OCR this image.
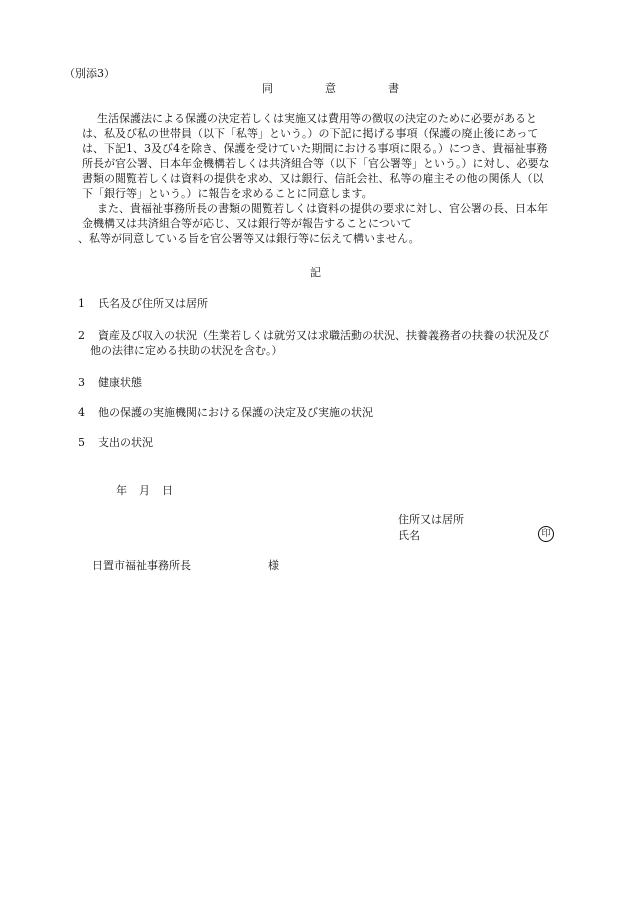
（別添3）
同	意	書
　生活保護法による保護の決定若しくは実施又は費用等の徴収の決定のために必要があると
は、私及び私の世帯員（以下「私等」という。）の下記に掲げる事項（保護の廃止後にあって
は、下記1、3及び4を除き、保護を受けていた期間における事項に限る。）につき、貴福祉事務
所長が官公署、日本年金機構若しくは共済組合等（以下「官公署等」という。）に対し、必要な
書類の閲覧若しくは資料の提供を求め、又は銀行、信託会社、私等の雇主その他の関係人（以
下「銀行等」という。）に報告を求めることに同意します。
　また、貴福祉事務所長の書類の閲覧若しくは資料の提供の要求に対し、官公署の長、日本年
金機構又は共済組合等が応じ、又は銀行等が報告することについて
、私等が同意している旨を官公署等又は銀行等に伝えて構いません。
記
1 氏名及び住所又は居所
2 資産及び収入の状況（生業若しくは就労又は求職活動の状況、扶養義務者の扶養の状況及び
他の法律に定める扶助の状況を含む。）
3 健康状態
4 他の保護の実施機関における保護の決定及び実施の状況
5 支出の状況
年 月 日
住所又は居所
氏名	印
日置市福祉事務所長	様
